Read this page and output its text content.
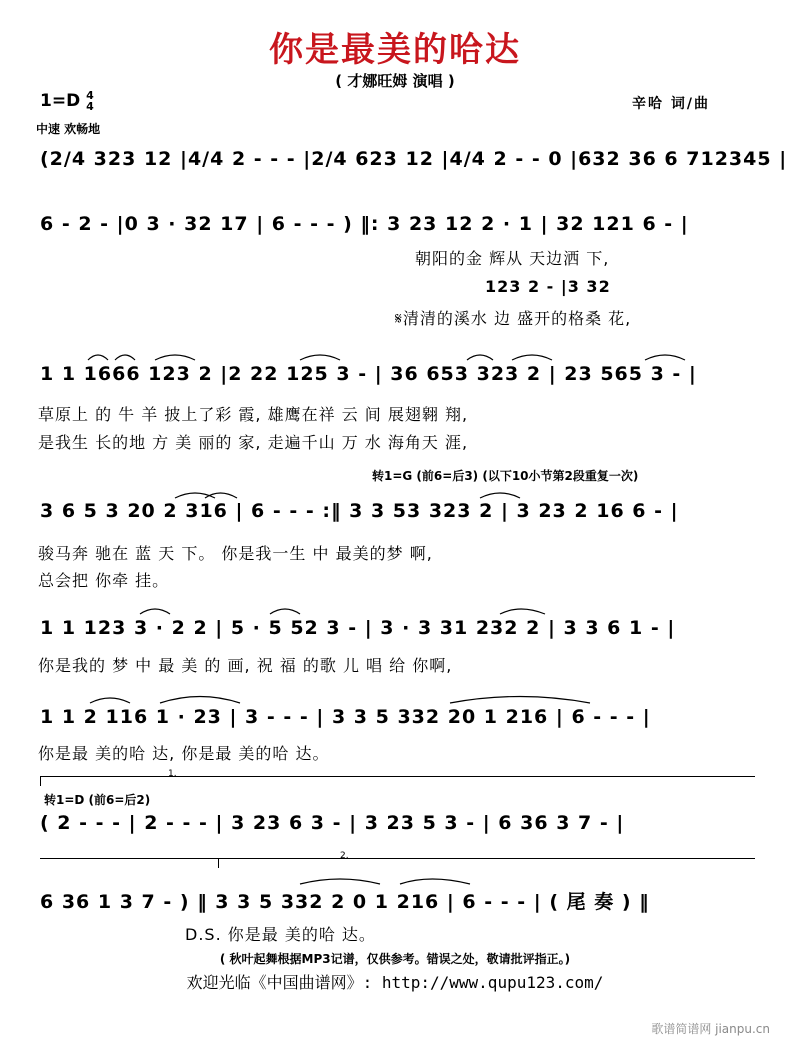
你是最美的哈达
( 才娜旺姆 演唱 )
1=D 4
4
中速 欢畅地
辛哈 词/曲
(2/4 323 12 |4/4 2 - - - |2/4 623 12 |4/4 2 - - 0 |632 36 6 712345 |
6 - 2 - |0 3 · 32 17 | 6 - - - ) ‖: 3 23 12 2 · 1 | 32 121 6 - |
朝阳的金 辉从 天边洒 下,
123 2 - |3 32
𝄋清清的溪水 边 盛开的格桑 花,
1 1 1666 123 2 |2 22 125 3 - | 36 653 323 2 | 23 565 3 - |
草原上 的 牛 羊 披上了彩 霞, 雄鹰在祥 云 间 展翅翱 翔,
是我生 长的地 方 美 丽的 家, 走遍千山 万 水 海角天 涯,
转1=G (前6=后3) (以下10小节第2段重复一次)
3 6 5 3 20 2 316 | 6 - - - :‖ 3 3 53 323 2 | 3 23 2 16 6 - |
骏马奔 驰在 蓝 天 下。 你是我一生 中 最美的梦 啊,
总会把 你牵 挂。
1 1 123 3 · 2 2 | 5 · 5 52 3 - | 3 · 3 31 232 2 | 3 3 6 1 - |
你是我的 梦 中 最 美 的 画, 祝 福 的歌 儿 唱 给 你啊,
1 1 2 116 1 · 23 | 3 - - - | 3 3 5 332 20 1 216 | 6 - - - |
你是最 美的哈 达, 你是最 美的哈 达。
1.
转1=D (前6=后2)
( 2 - - - | 2 - - - | 3 23 6 3 - | 3 23 5 3 - | 6 36 3 7 - |
2.
6 36 1 3 7 - ) ‖ 3 3 5 332 2 0 1 216 | 6 - - - | ( 尾 奏 ) ‖
D.S. 你是最 美的哈 达。
( 秋叶起舞根据MP3记谱，仅供参考。错误之处，敬请批评指正。)
欢迎光临《中国曲谱网》: http://www.qupu123.com/
歌谱简谱网 jianpu.cn
